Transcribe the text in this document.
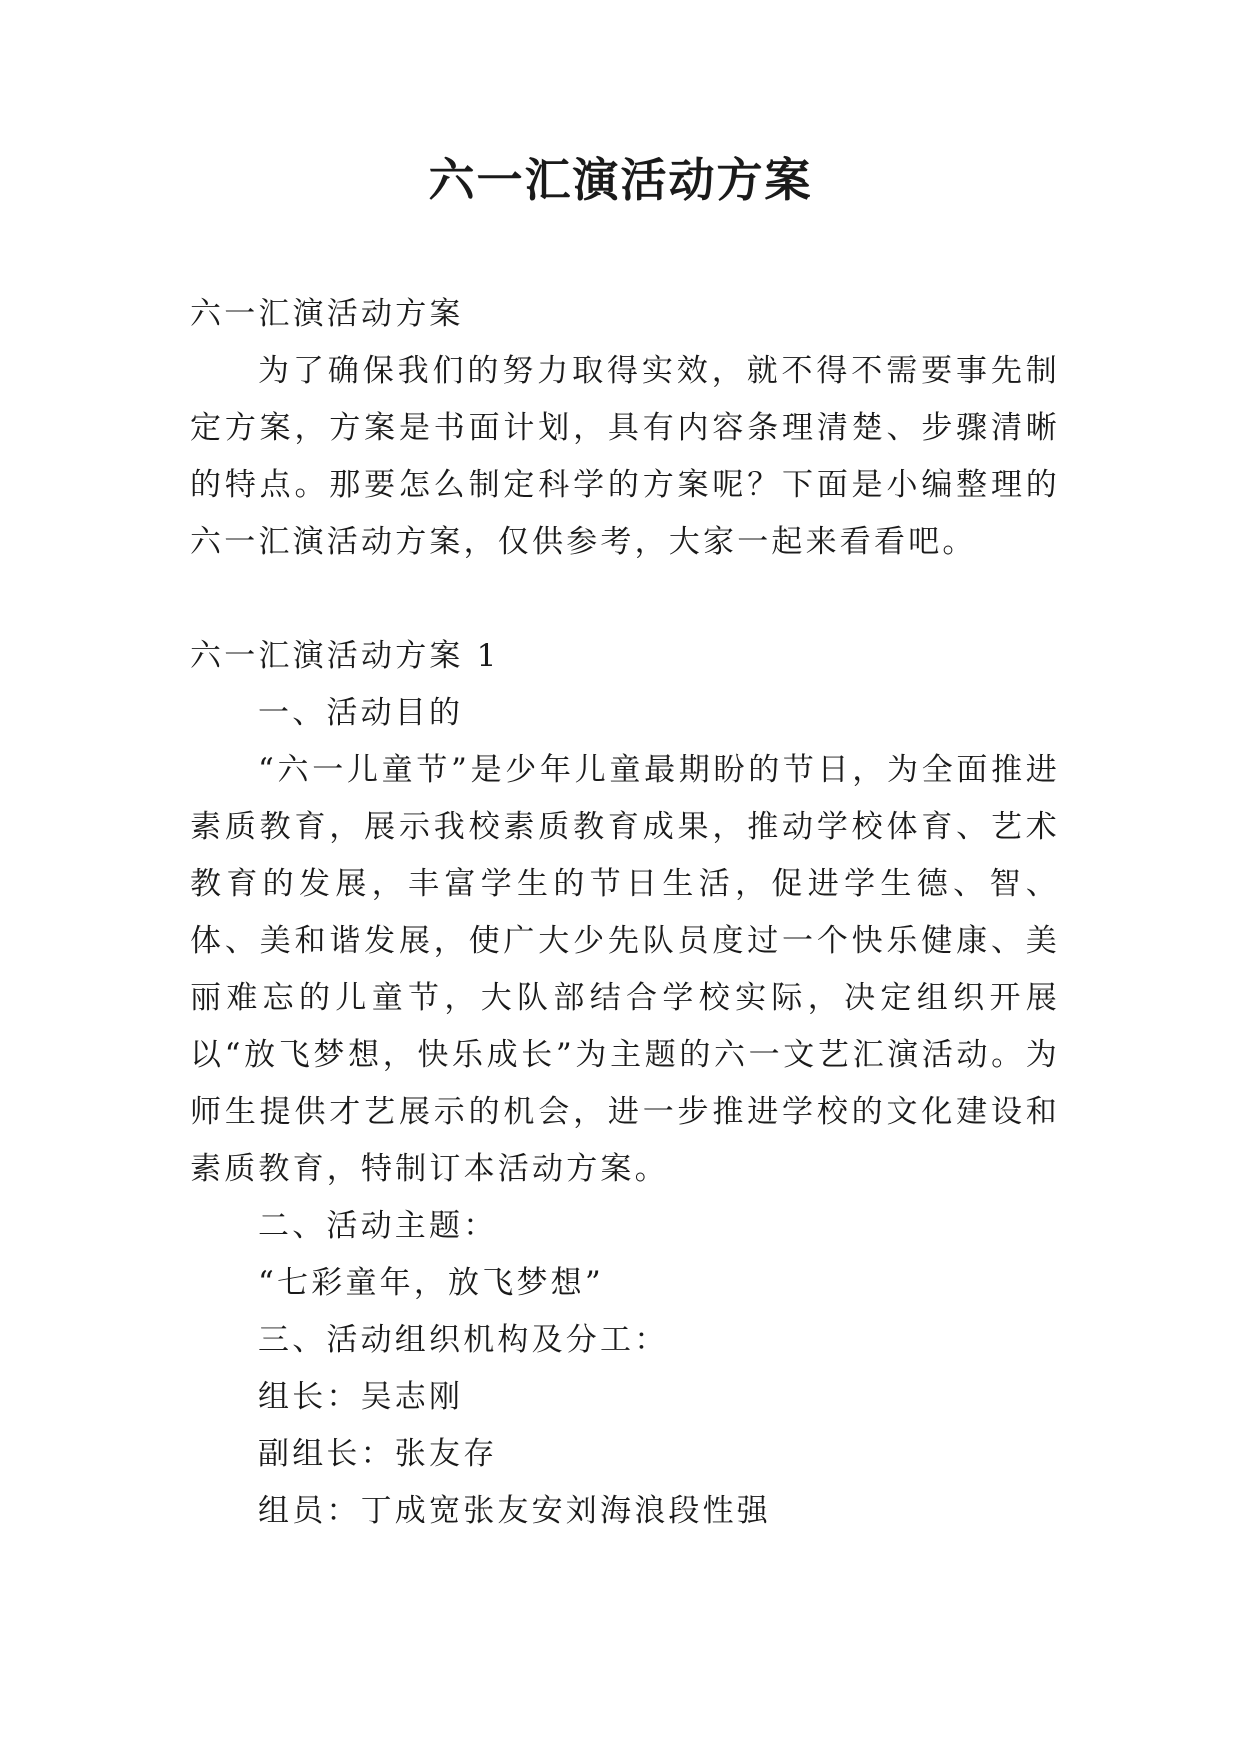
六一汇演活动方案

六一汇演活动方案

为了确保我们的努力取得实效，就不得不需要事先制定方案，方案是书面计划，具有内容条理清楚、步骤清晰的特点。那要怎么制定科学的方案呢？下面是小编整理的六一汇演活动方案，仅供参考，大家一起来看看吧。

六一汇演活动方案 1

一、活动目的

“六一儿童节”是少年儿童最期盼的节日，为全面推进素质教育，展示我校素质教育成果，推动学校体育、艺术教育的发展，丰富学生的节日生活，促进学生德、智、体、美和谐发展，使广大少先队员度过一个快乐健康、美丽难忘的儿童节，大队部结合学校实际，决定组织开展以“放飞梦想，快乐成长”为主题的六一文艺汇演活动。为师生提供才艺展示的机会，进一步推进学校的文化建设和素质教育，特制订本活动方案。

二、活动主题：

“七彩童年，放飞梦想”

三、活动组织机构及分工：

组长：吴志刚

副组长：张友存

组员：丁成宽张友安刘海浪段性强
